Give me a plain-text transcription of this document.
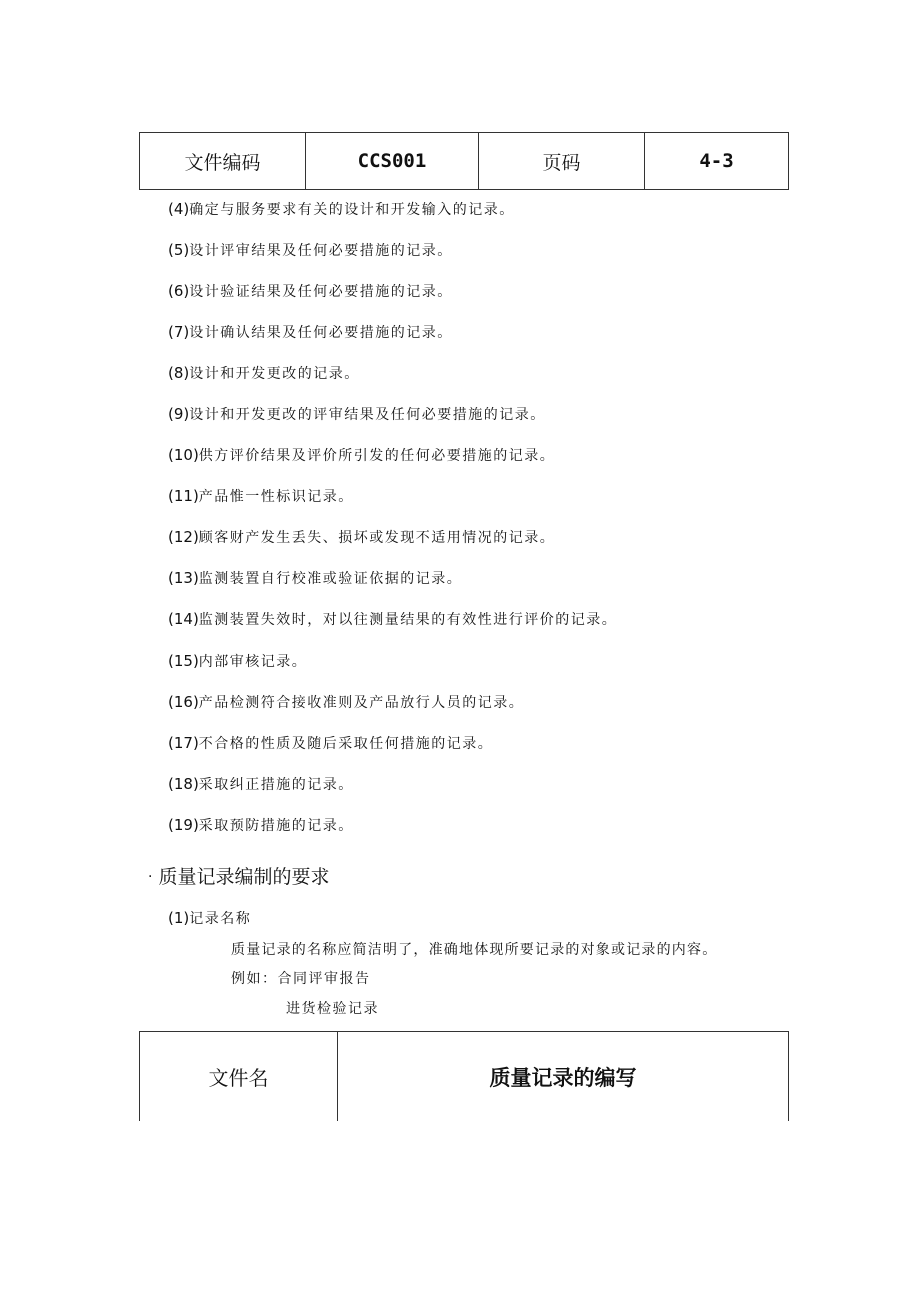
文件编码	CCS001	页码	4-3
(4)确定与服务要求有关的设计和开发输入的记录。
(5)设计评审结果及任何必要措施的记录。
(6)设计验证结果及任何必要措施的记录。
(7)设计确认结果及任何必要措施的记录。
(8)设计和开发更改的记录。
(9)设计和开发更改的评审结果及任何必要措施的记录。
(10)供方评价结果及评价所引发的任何必要措施的记录。
(11)产品惟一性标识记录。
(12)顾客财产发生丢失、损坏或发现不适用情况的记录。
(13)监测装置自行校准或验证依据的记录。
(14)监测装置失效时，对以往测量结果的有效性进行评价的记录。
(15)内部审核记录。
(16)产品检测符合接收准则及产品放行人员的记录。
(17)不合格的性质及随后采取任何措施的记录。
(18)采取纠正措施的记录。
(19)采取预防措施的记录。
· 质量记录编制的要求
(1)记录名称
质量记录的名称应简洁明了，准确地体现所要记录的对象或记录的内容。
例如：合同评审报告
进货检验记录
文件名	质量记录的编写
